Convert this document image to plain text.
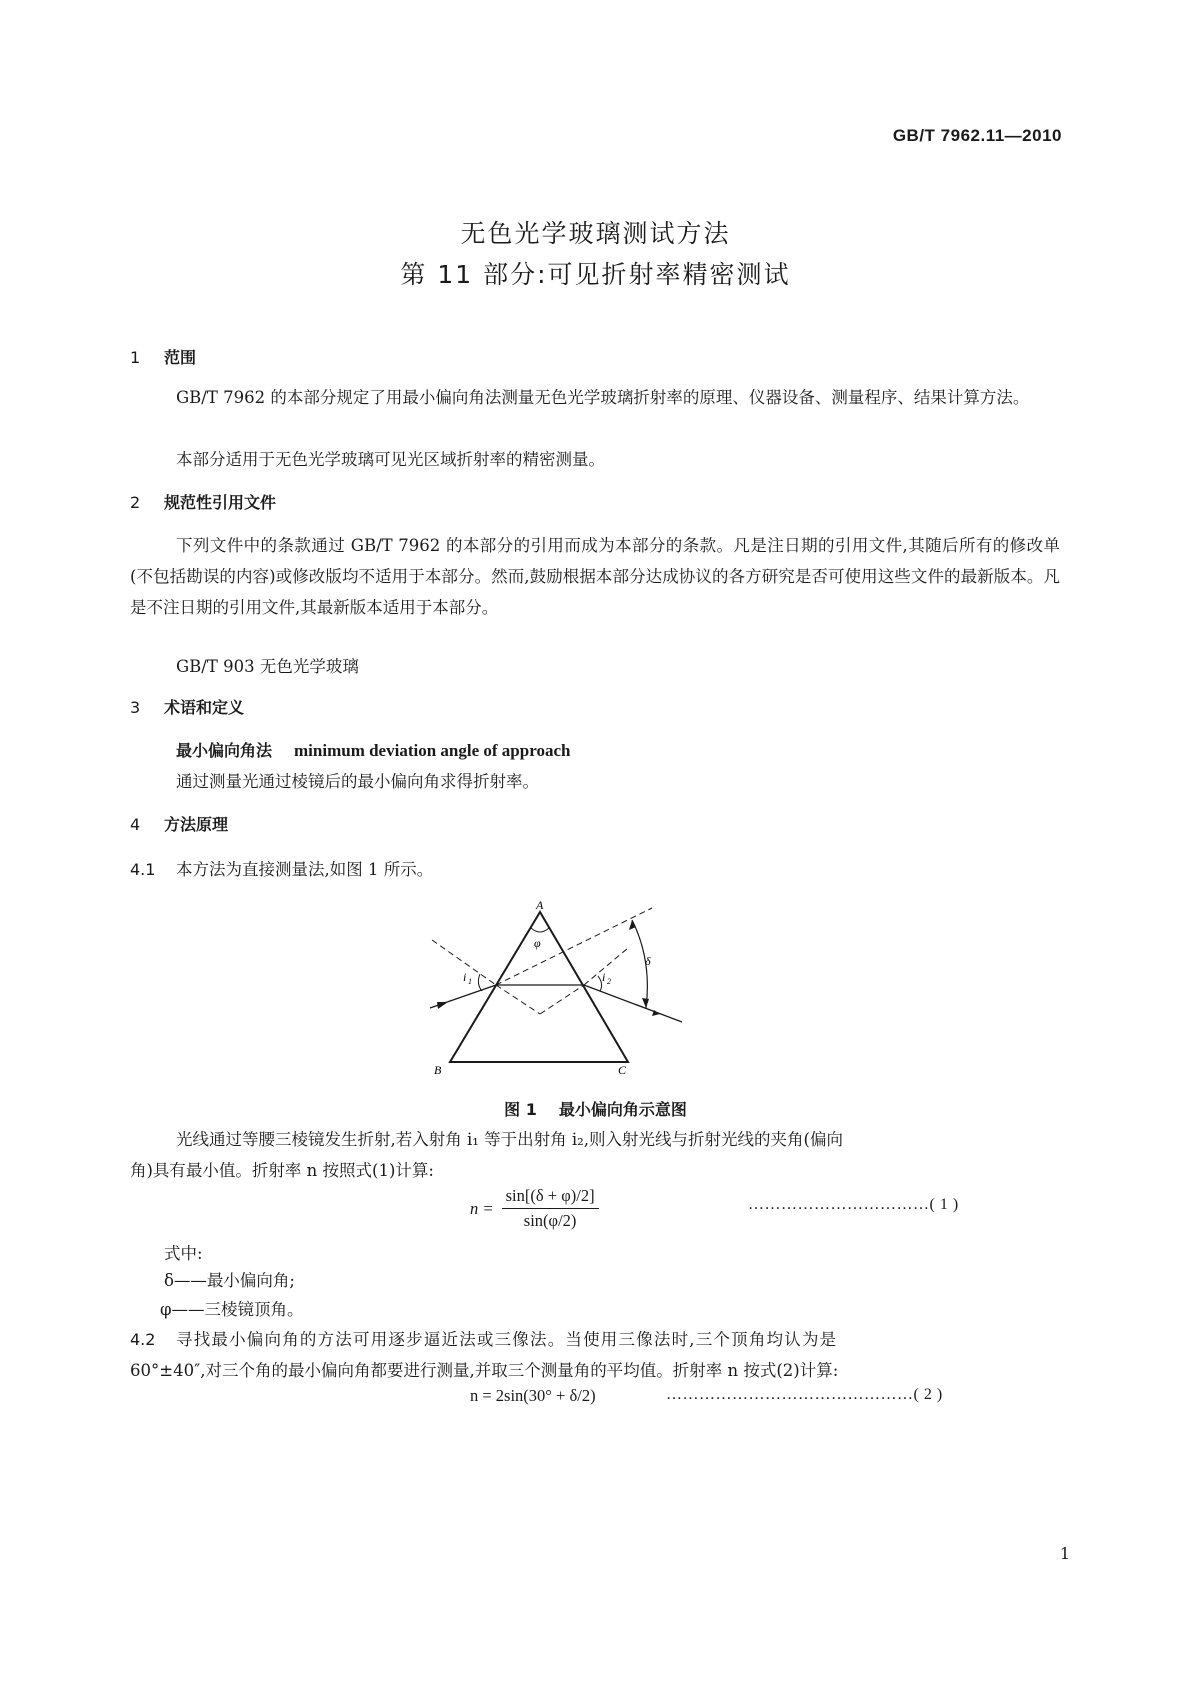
GB/T 7962.11—2010
无色光学玻璃测试方法
第 11 部分:可见折射率精密测试
1 范围
GB/T 7962 的本部分规定了用最小偏向角法测量无色光学玻璃折射率的原理、仪器设备、测量程序、结果计算方法。
本部分适用于无色光学玻璃可见光区域折射率的精密测量。
2 规范性引用文件
下列文件中的条款通过 GB/T 7962 的本部分的引用而成为本部分的条款。凡是注日期的引用文件,其随后所有的修改单(不包括勘误的内容)或修改版均不适用于本部分。然而,鼓励根据本部分达成协议的各方研究是否可使用这些文件的最新版本。凡是不注日期的引用文件,其最新版本适用于本部分。
GB/T 903 无色光学玻璃
3 术语和定义
最小偏向角法 minimum deviation angle of approach
通过测量光通过棱镜后的最小偏向角求得折射率。
4 方法原理
4.1 本方法为直接测量法,如图 1 所示。
A
B	C
φ
δ
i 1	i 2
图 1 最小偏向角示意图
光线通过等腰三棱镜发生折射,若入射角 i₁ 等于出射角 i₂,则入射光线与折射光线的夹角(偏向
角)具有最小值。折射率 n 按照式(1)计算:
$n = \frac{\sin[(\delta + \varphi)/2]}{\sin(\varphi/2)}$	……………………………( 1 )
式中:
δ——最小偏向角;
φ——三棱镜顶角。
4.2 寻找最小偏向角的方法可用逐步逼近法或三像法。当使用三像法时,三个顶角均认为是
60°±40″,对三个角的最小偏向角都要进行测量,并取三个测量角的平均值。折射率 n 按式(2)计算:
n = 2sin(30° + δ/2)	………………………………………( 2 )
1
